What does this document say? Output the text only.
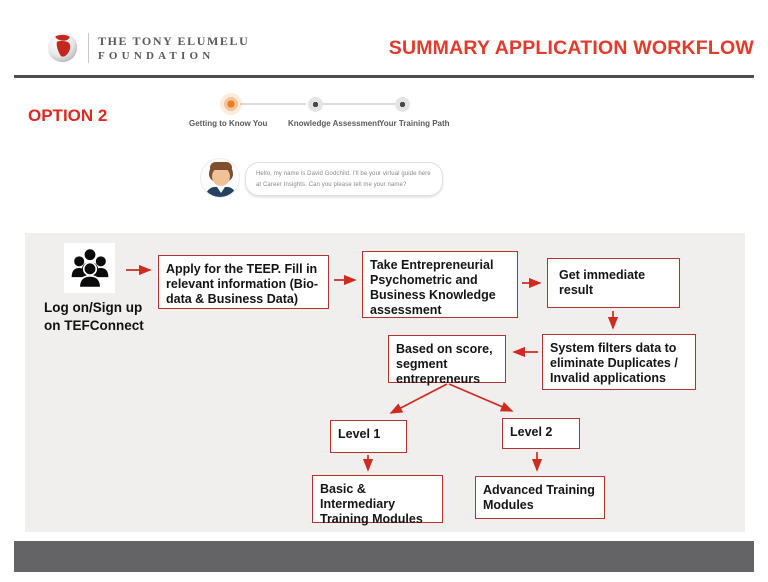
THE TONY ELUMELU
FOUNDATION	SUMMARY APPLICATION WORKFLOW
OPTION 2	Getting to Know You	Knowledge Assessment Your Training Path
Hello, my name is David Godchild. I'll be your virtual guide here at Career Insights. Can you please tell me your name?
Log on/Sign up
on TEFConnect
Apply for the TEEP. Fill in relevant information (Bio-data & Business Data)
Take Entrepreneurial Psychometric and Business Knowledge assessment
Get immediate result
System filters data to eliminate Duplicates / Invalid applications
Based on score, segment entrepreneurs
Level 1	Level 2
Basic & Intermediary Training Modules
Advanced Training Modules
